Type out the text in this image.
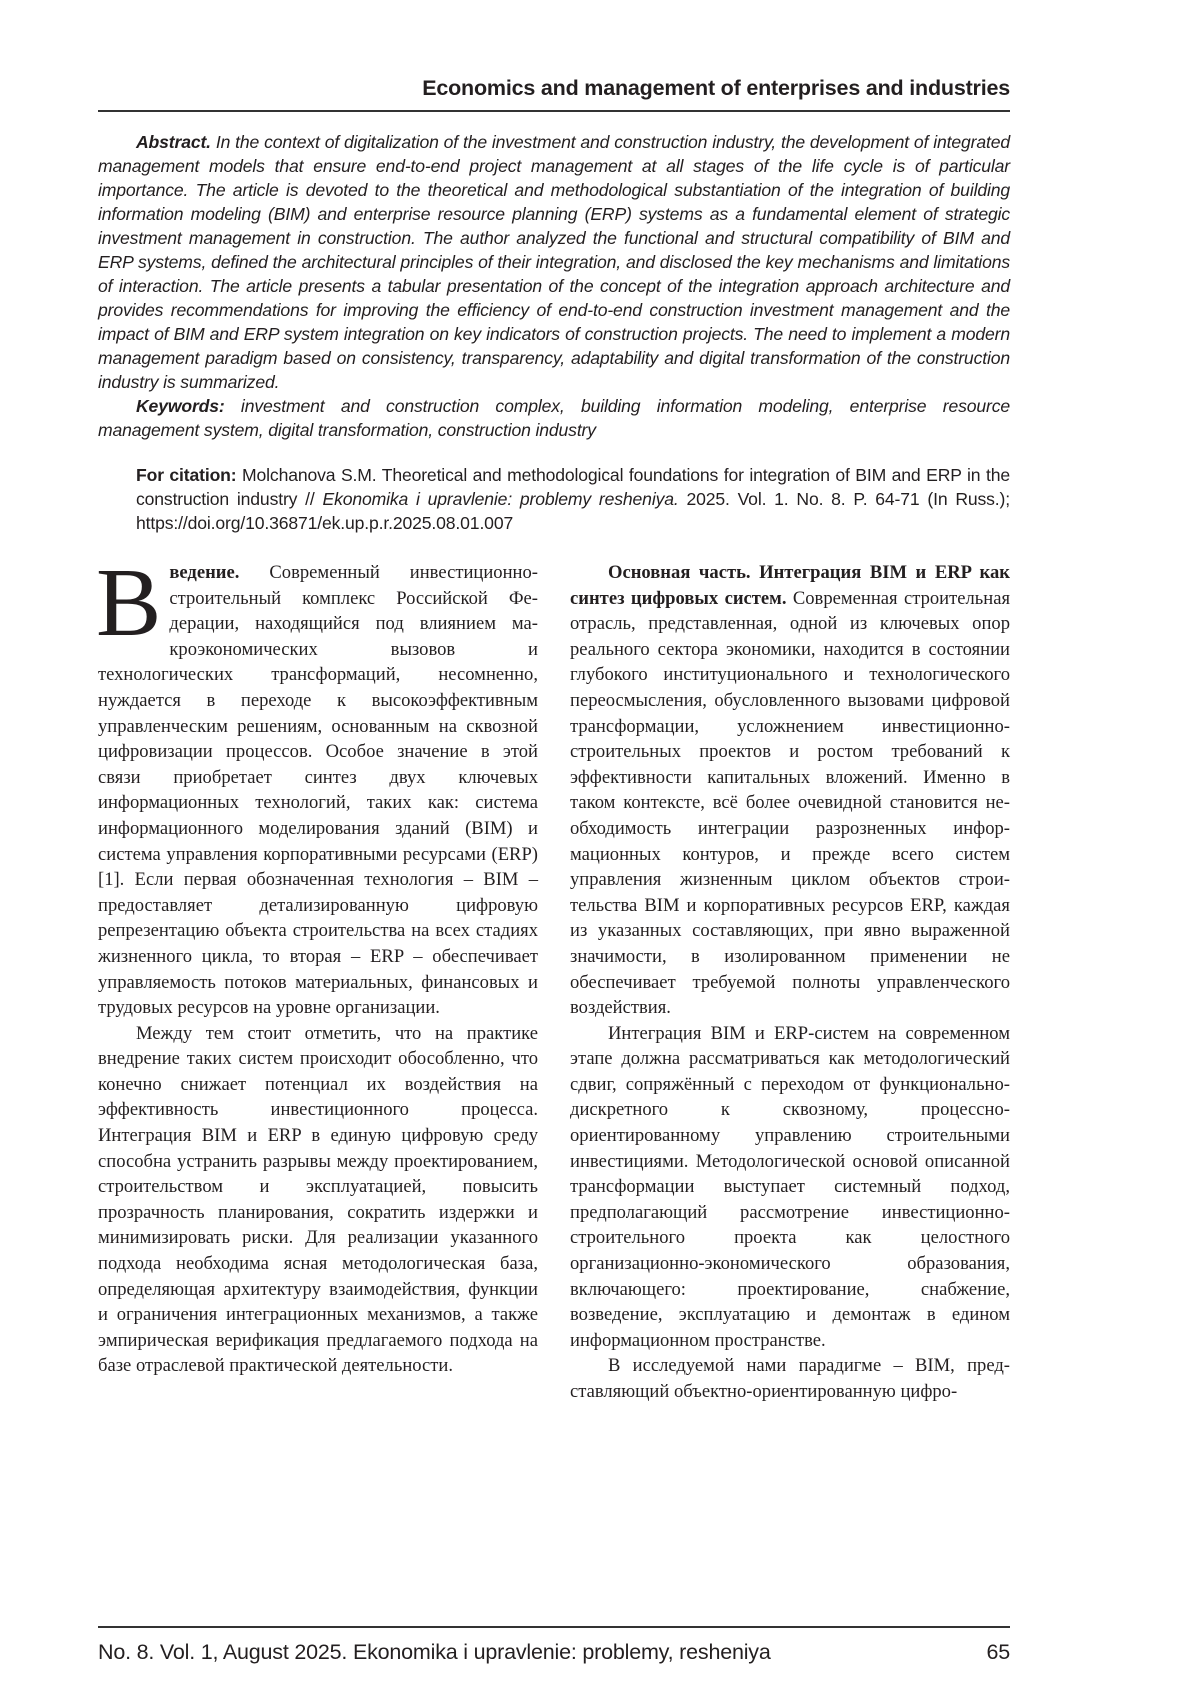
Economics and management of enterprises and industries

Abstract. In the context of digitalization of the investment and construction industry, the development of integrated management models that ensure end-to-end project management at all stages of the life cycle is of particular importance. The article is devoted to the theoretical and methodological substantiation of the integration of building information modeling (BIM) and enterprise resource planning (ERP) systems as a fundamental element of strategic investment management in construction. The author analyzed the functional and structural compatibility of BIM and ERP systems, defined the architectural principles of their integration, and disclosed the key mechanisms and limitations of interaction. The article presents a tabular presentation of the concept of the integration approach architecture and provides recommendations for improving the efficiency of end-to-end construction investment management and the impact of BIM and ERP system integration on key indicators of construction projects. The need to implement a modern management paradigm based on consistency, transparency, adaptability and digital transformation of the construction industry is summarized.

Keywords: investment and construction complex, building information modeling, enterprise resource management system, digital transformation, construction industry

For citation: Molchanova S.M. Theoretical and methodological foundations for integration of BIM and ERP in the construction industry // Ekonomika i upravlenie: problemy resheniya. 2025. Vol. 1. No. 8. P. 64-71 (In Russ.); https://doi.org/10.36871/ek.up.p.r.2025.08.01.007

Введение. Современный инвестиционно-строительный комплекс Российской Федерации, находящийся под влиянием макроэкономических вызовов и технологических трансформаций, несомненно, нуждается в переходе к высокоэффективным управленческим решениям, основанным на сквозной цифровизации процессов. Особое значение в этой связи приобретает синтез двух ключевых информационных технологий, таких как: система информационного моделирования зданий (BIM) и система управления корпоративными ресурсами (ERP) [1]. Если первая обозначенная технология – BIM – предоставляет детализированную цифровую репрезентацию объекта строительства на всех стадиях жизненного цикла, то вторая – ERP – обеспечивает управляемость потоков материальных, финансовых и трудовых ресурсов на уровне организации.

Между тем стоит отметить, что на практике внедрение таких систем происходит обособленно, что конечно снижает потенциал их воздействия на эффективность инвестиционного процесса. Интеграция BIM и ERP в единую цифровую среду способна устранить разрывы между проектированием, строительством и эксплуатацией, повысить прозрачность планирования, сократить издержки и минимизировать риски. Для реализации указанного подхода необходима ясная методологическая база, определяющая архитектуру взаимодействия, функции и ограничения интеграционных механизмов, а также эмпирическая верификация предлагаемого подхода на базе отраслевой практической деятельности.

Основная часть. Интеграция BIM и ERP как синтез цифровых систем. Современная строительная отрасль, представленная, одной из ключевых опор реального сектора экономики, находится в состоянии глубокого институционального и технологического переосмысления, обусловленного вызовами цифровой трансформации, усложнением инвестиционно-строительных проектов и ростом требований к эффективности капитальных вложений. Именно в таком контексте, всё более очевидной становится необходимость интеграции разрозненных информационных контуров, и прежде всего систем управления жизненным циклом объектов строительства BIM и корпоративных ресурсов ERP, каждая из указанных составляющих, при явно выраженной значимости, в изолированном применении не обеспечивает требуемой полноты управленческого воздействия.

Интеграция BIM и ERP-систем на современном этапе должна рассматриваться как методологический сдвиг, сопряжённый с переходом от функционально-дискретного к сквозному, процессно-ориентированному управлению строительными инвестициями. Методологической основой описанной трансформации выступает системный подход, предполагающий рассмотрение инвестиционно-строительного проекта как целостного организационно-экономического образования, включающего: проектирование, снабжение, возведение, эксплуатацию и демонтаж в едином информационном пространстве.

В исследуемой нами парадигме – BIM, представляющий объектно-ориентированную цифро-

No. 8. Vol. 1, August 2025. Ekonomika i upravlenie: problemy, resheniya	65
